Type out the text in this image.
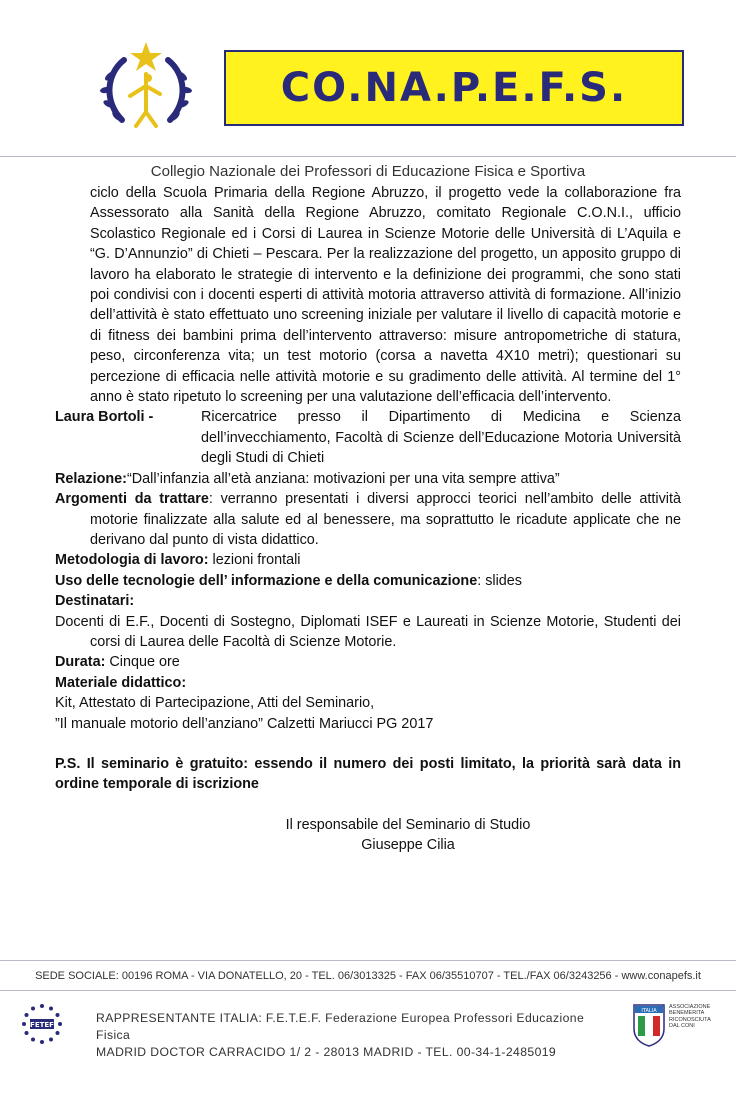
CO.NA.P.E.F.S.
Collegio Nazionale dei Professori di Educazione Fisica e Sportiva

ciclo della Scuola Primaria della Regione Abruzzo, il progetto vede la collaborazione fra Assessorato alla Sanità della Regione Abruzzo, comitato Regionale C.O.N.I., ufficio Scolastico Regionale ed i Corsi di Laurea in Scienze Motorie delle Università di L’Aquila e “G. D’Annunzio” di Chieti – Pescara. Per la realizzazione del progetto, un apposito gruppo di lavoro ha elaborato le strategie di intervento e la definizione dei programmi, che sono stati poi condivisi con i docenti esperti di attività motoria attraverso attività di formazione. All’inizio dell’attività è stato effettuato uno screening iniziale per valutare il livello di capacità motorie e di fitness dei bambini prima dell’intervento attraverso: misure antropometriche di statura, peso, circonferenza vita; un test motorio (corsa a navetta 4X10 metri); questionari su percezione di efficacia nelle attività motorie e su gradimento delle attività. Al termine del 1° anno è stato ripetuto lo screening per una valutazione dell’efficacia dell’intervento.

Laura Bortoli -	Ricercatrice presso il Dipartimento di Medicina e Scienza dell’invecchiamento, Facoltà di Scienze dell’Educazione Motoria Università degli Studi di Chieti

Relazione:“Dall’infanzia all’età anziana: motivazioni per una vita sempre attiva”

Argomenti da trattare: verranno presentati i diversi approcci teorici nell’ambito delle attività motorie finalizzate alla salute ed al benessere, ma soprattutto le ricadute applicate che ne derivano dal punto di vista didattico.

Metodologia di lavoro: lezioni frontali

Uso delle tecnologie dell’ informazione e della comunicazione: slides

Destinatari:

Docenti di E.F., Docenti di Sostegno, Diplomati ISEF e Laureati in Scienze Motorie, Studenti dei corsi di Laurea delle Facoltà di Scienze Motorie.

Durata: Cinque ore

Materiale didattico:

Kit, Attestato di Partecipazione, Atti del Seminario,

”Il manuale motorio dell’anziano” Calzetti Mariucci PG 2017

P.S. Il seminario è gratuito: essendo il numero dei posti limitato, la priorità sarà data in ordine temporale di iscrizione

Il responsabile del Seminario di Studio

Giuseppe Cilia

SEDE SOCIALE: 00196 ROMA - VIA DONATELLO, 20 - TEL. 06/3013325 - FAX 06/35510707 - TEL./FAX 06/3243256 - www.conapefs.it
FETEF	RAPPRESENTANTE ITALIA: F.E.T.E.F. Federazione Europea Professori Educazione Fisica
MADRID DOCTOR CARRACIDO 1/ 2 - 28013 MADRID - TEL. 00-34-1-2485019
ITALIA
ASSOCIAZIONE
BENEMERITA
RICONOSCIUTA
DAL CONI
